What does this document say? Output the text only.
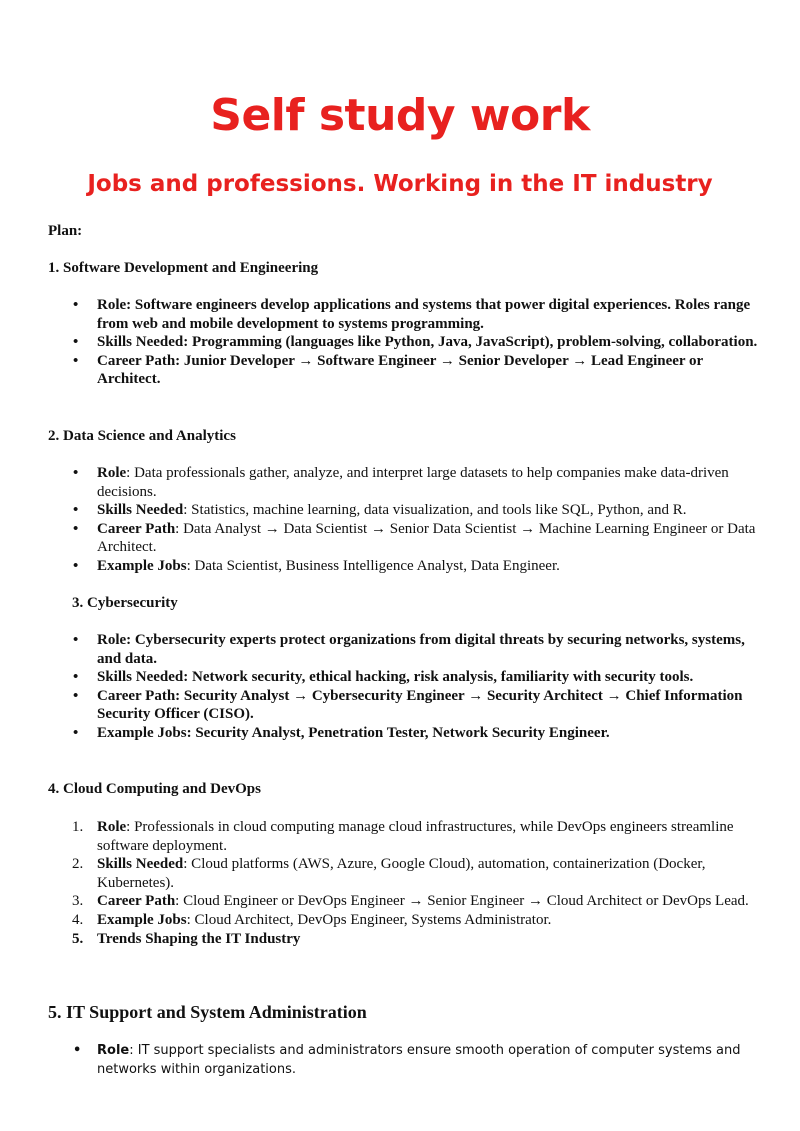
Self study work
Jobs and professions. Working in the IT industry
Plan:
1. Software Development and Engineering
• Role: Software engineers develop applications and systems that power digital experiences. Roles range from web and mobile development to systems programming.
• Skills Needed: Programming (languages like Python, Java, JavaScript), problem-solving, collaboration.
• Career Path: Junior Developer → Software Engineer → Senior Developer → Lead Engineer or Architect.
2. Data Science and Analytics
• Role: Data professionals gather, analyze, and interpret large datasets to help companies make data-driven decisions.
• Skills Needed: Statistics, machine learning, data visualization, and tools like SQL, Python, and R.
• Career Path: Data Analyst → Data Scientist → Senior Data Scientist → Machine Learning Engineer or Data Architect.
• Example Jobs: Data Scientist, Business Intelligence Analyst, Data Engineer.
3. Cybersecurity
• Role: Cybersecurity experts protect organizations from digital threats by securing networks, systems, and data.
• Skills Needed: Network security, ethical hacking, risk analysis, familiarity with security tools.
• Career Path: Security Analyst → Cybersecurity Engineer → Security Architect → Chief Information Security Officer (CISO).
• Example Jobs: Security Analyst, Penetration Tester, Network Security Engineer.
4. Cloud Computing and DevOps
1. Role: Professionals in cloud computing manage cloud infrastructures, while DevOps engineers streamline software deployment.
2. Skills Needed: Cloud platforms (AWS, Azure, Google Cloud), automation, containerization (Docker, Kubernetes).
3. Career Path: Cloud Engineer or DevOps Engineer → Senior Engineer → Cloud Architect or DevOps Lead.
4. Example Jobs: Cloud Architect, DevOps Engineer, Systems Administrator.
5. Trends Shaping the IT Industry
5. IT Support and System Administration
• Role: IT support specialists and administrators ensure smooth operation of computer systems and networks within organizations.
